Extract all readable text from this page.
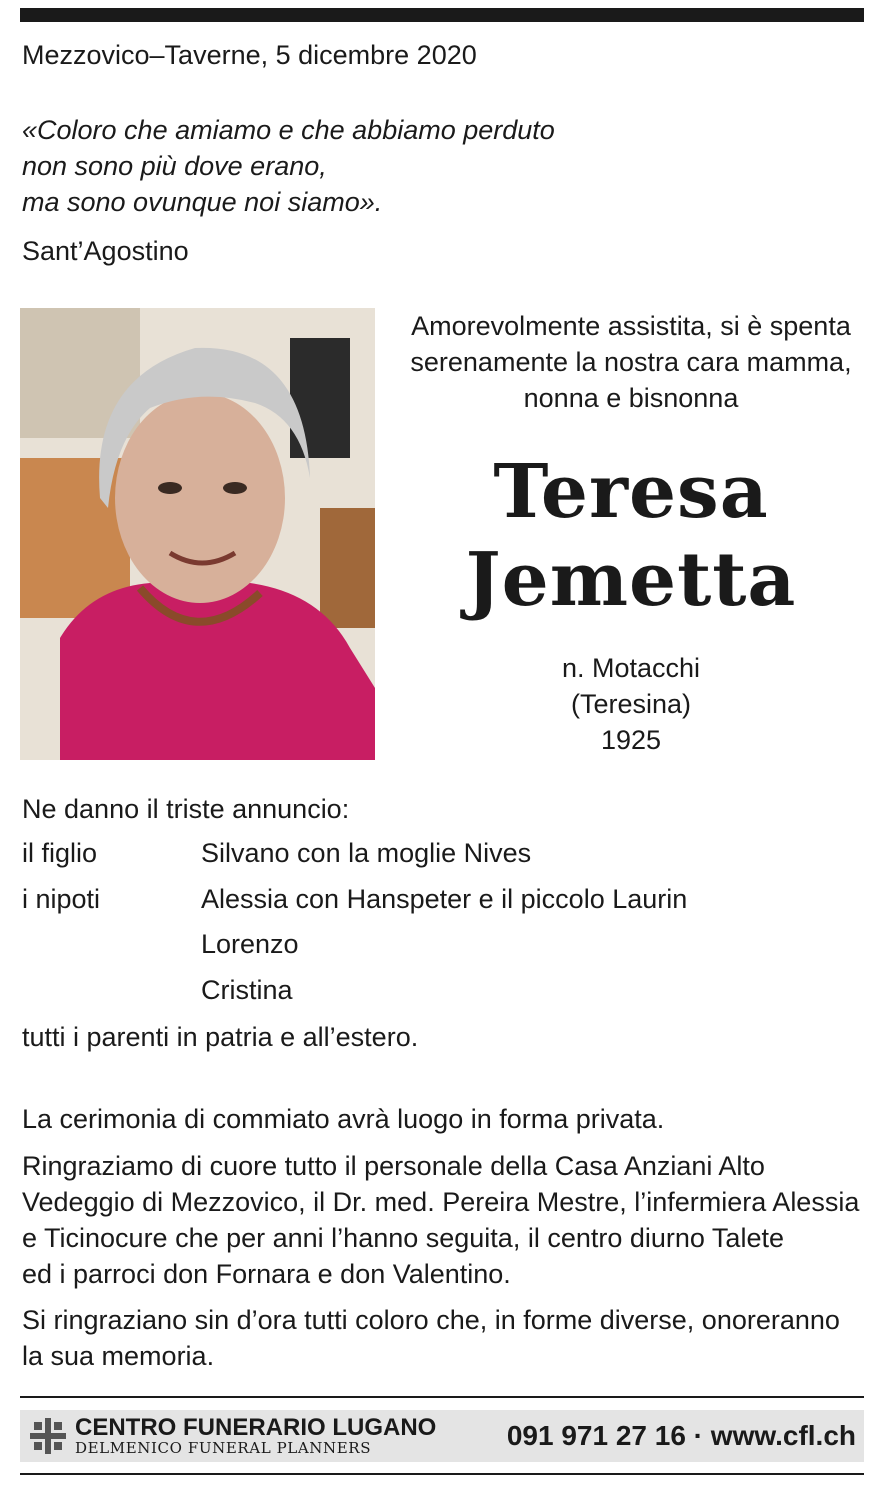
Mezzovico–Taverne, 5 dicembre 2020
«Coloro che amiamo e che abbiamo perduto
non sono più dove erano,
ma sono ovunque noi siamo».
Sant’Agostino
Amorevolmente assistita, si è spenta
serenamente la nostra cara mamma,
nonna e bisnonna
Teresa
Jemetta
n. Motacchi
(Teresina)
1925
Ne danno il triste annuncio:
il figlio	Silvano con la moglie Nives
i nipoti	Alessia con Hanspeter e il piccolo Laurin
Lorenzo
Cristina
tutti i parenti in patria e all’estero.
La cerimonia di commiato avrà luogo in forma privata.
Ringraziamo di cuore tutto il personale della Casa Anziani Alto
Vedeggio di Mezzovico, il Dr. med. Pereira Mestre, l’infermiera Alessia
e Ticinocure che per anni l’hanno seguita, il centro diurno Talete
ed i parroci don Fornara e don Valentino.
Si ringraziano sin d’ora tutti coloro che, in forme diverse, onoreranno
la sua memoria.
CENTRO FUNERARIO LUGANO
DELMENICO FUNERAL PLANNERS	091 971 27 16 · www.cfl.ch
